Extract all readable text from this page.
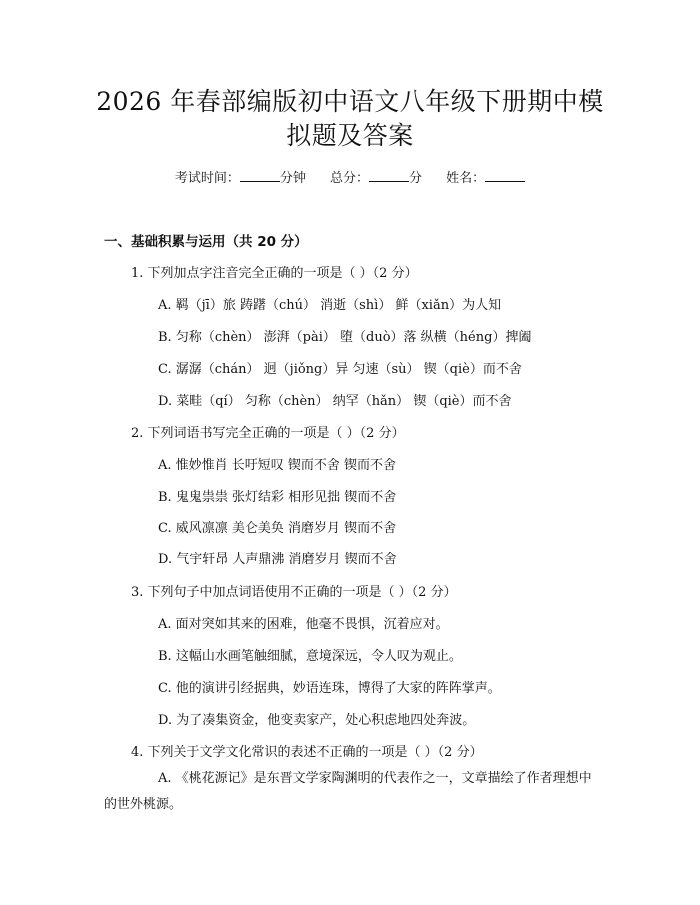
2026 年春部编版初中语文八年级下册期中模
拟题及答案
考试时间：	分钟 总分：	分 姓名：
一、基础积累与运用（共 20 分）
1. 下列加点字注音完全正确的一项是（ ）（2 分）
A. 羁（jī）旅 踌躇（chú） 消逝（shì） 鲜（xiǎn）为人知
B. 匀称（chèn） 澎湃（pài） 堕（duò）落 纵横（héng）捭阖
C. 潺潺（chán） 迥（jiǒng）异 匀速（sù） 锲（qiè）而不舍
D. 菜畦（qí） 匀称（chèn） 纳罕（hǎn） 锲（qiè）而不舍
2. 下列词语书写完全正确的一项是（ ）（2 分）
A. 惟妙惟肖 长吁短叹 锲而不舍 锲而不舍
B. 鬼鬼祟祟 张灯结彩 相形见拙 锲而不舍
C. 威风凛凛 美仑美奂 消磨岁月 锲而不舍
D. 气宇轩昂 人声鼎沸 消磨岁月 锲而不舍
3. 下列句子中加点词语使用不正确的一项是（ ）（2 分）
A. 面对突如其来的困难，他毫不畏惧，沉着应对。
B. 这幅山水画笔触细腻，意境深远，令人叹为观止。
C. 他的演讲引经据典，妙语连珠，博得了大家的阵阵掌声。
D. 为了凑集资金，他变卖家产，处心积虑地四处奔波。
4. 下列关于文学文化常识的表述不正确的一项是（ ）（2 分）
A. 《桃花源记》是东晋文学家陶渊明的代表作之一，文章描绘了作者理想中的世外桃源。
